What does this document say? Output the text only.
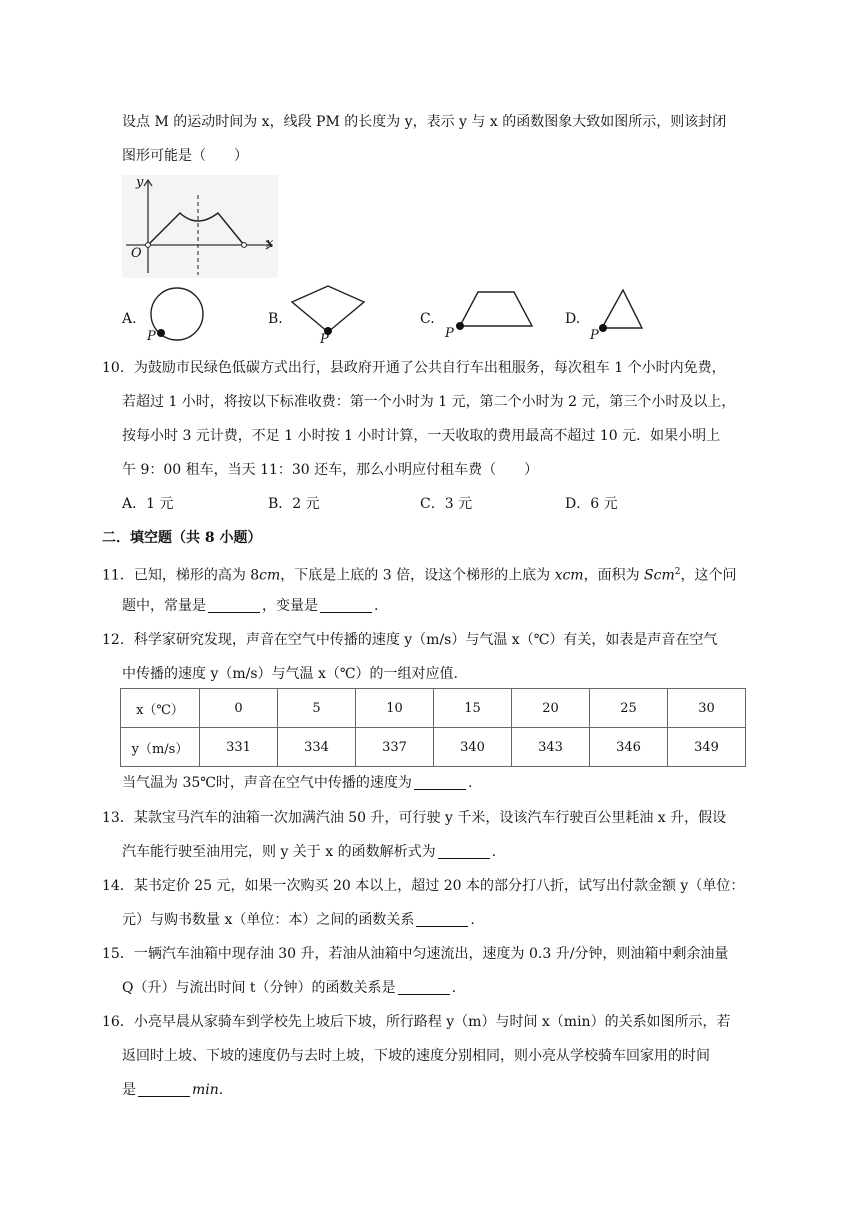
设点 M 的运动时间为 x，线段 PM 的长度为 y，表示 y 与 x 的函数图象大致如图所示，则该封闭
图形可能是（　　）
y
x
O
A.
P
B.
P
C.
P
D.
P
10．为鼓励市民绿色低碳方式出行，县政府开通了公共自行车出租服务，每次租车 1 个小时内免费，
若超过 1 小时，将按以下标准收费：第一个小时为 1 元，第二个小时为 2 元，第三个小时及以上，
按每小时 3 元计费，不足 1 小时按 1 小时计算，一天收取的费用最高不超过 10 元．如果小明上
午 9：00 租车，当天 11：30 还车，那么小明应付租车费（　　）
A．1 元	B．2 元	C．3 元	D．6 元
二．填空题（共 8 小题）
11．已知，梯形的高为 8cm，下底是上底的 3 倍，设这个梯形的上底为 xcm，面积为 Scm$^2$，这个问
题中，常量是	，变量是	.
12．科学家研究发现，声音在空气中传播的速度 y（m/s）与气温 x（℃）有关，如表是声音在空气
中传播的速度 y（m/s）与气温 x（℃）的一组对应值.
x（℃）	0	5	10	15	20	25	30
y（m/s）	331	334	337	340	343	346	349
当气温为 35℃时，声音在空气中传播的速度为	.
13．某款宝马汽车的油箱一次加满汽油 50 升，可行驶 y 千米，设该汽车行驶百公里耗油 x 升，假设
汽车能行驶至油用完，则 y 关于 x 的函数解析式为	.
14．某书定价 25 元，如果一次购买 20 本以上，超过 20 本的部分打八折，试写出付款金额 y（单位：
元）与购书数量 x（单位：本）之间的函数关系	.
15．一辆汽车油箱中现存油 30 升，若油从油箱中匀速流出，速度为 0.3 升/分钟，则油箱中剩余油量
Q（升）与流出时间 t（分钟）的函数关系是	.
16．小亮早晨从家骑车到学校先上坡后下坡，所行路程 y（m）与时间 x（min）的关系如图所示，若
返回时上坡、下坡的速度仍与去时上坡，下坡的速度分别相同，则小亮从学校骑车回家用的时间
是	min.
